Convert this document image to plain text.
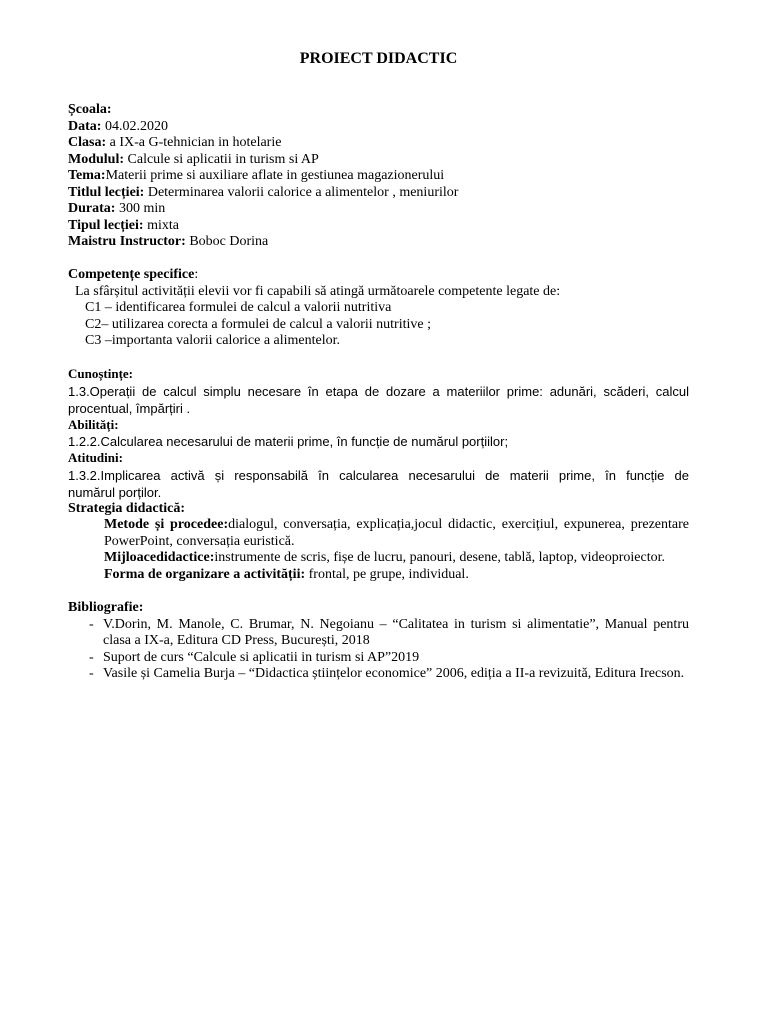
PROIECT DIDACTIC
Școala:
Data: 04.02.2020
Clasa: a IX-a G-tehnician in hotelarie
Modulul: Calcule si aplicatii in turism si AP
Tema:Materii prime si auxiliare aflate in gestiunea magazionerului
Titlul lecției: Determinarea valorii calorice a alimentelor , meniurilor
Durata: 300 min
Tipul lecției: mixta
Maistru Instructor: Boboc Dorina
Competențe specifice:
La sfârșitul activității elevii vor fi capabili să atingă următoarele competente legate de:
C1 – identificarea formulei de calcul a valorii nutritiva
C2– utilizarea corecta a formulei de calcul a valorii nutritive ;
C3 –importanta valorii calorice a alimentelor.
Cunoștințe:
1.3.Operații de calcul simplu necesare în etapa de dozare a materiilor prime: adunări, scăderi, calcul
procentual, împărțiri .
Abilități:
1.2.2.Calcularea necesarului de materii prime, în funcție de numărul porțiilor;
Atitudini:
1.3.2.Implicarea activă și responsabilă în calcularea necesarului de materii prime, în funcție de
numărul porților.
Strategia didactică:
Metode și procedee:dialogul, conversația, explicația,jocul didactic, exercițiul, expunerea, prezentare
PowerPoint, conversația euristică.
Mijloacedidactice:instrumente de scris, fișe de lucru, panouri, desene, tablă, laptop, videoproiector.
Forma de organizare a activității: frontal, pe grupe, individual.
Bibliografie:
- V.Dorin, M. Manole, C. Brumar, N. Negoianu – “Calitatea in turism si alimentatie”, Manual pentru
clasa a IX-a, Editura CD Press, București, 2018
- Suport de curs “Calcule si aplicatii in turism si AP”2019
- Vasile și Camelia Burja – “Didactica științelor economice” 2006, ediția a II-a revizuită, Editura Irecson.
